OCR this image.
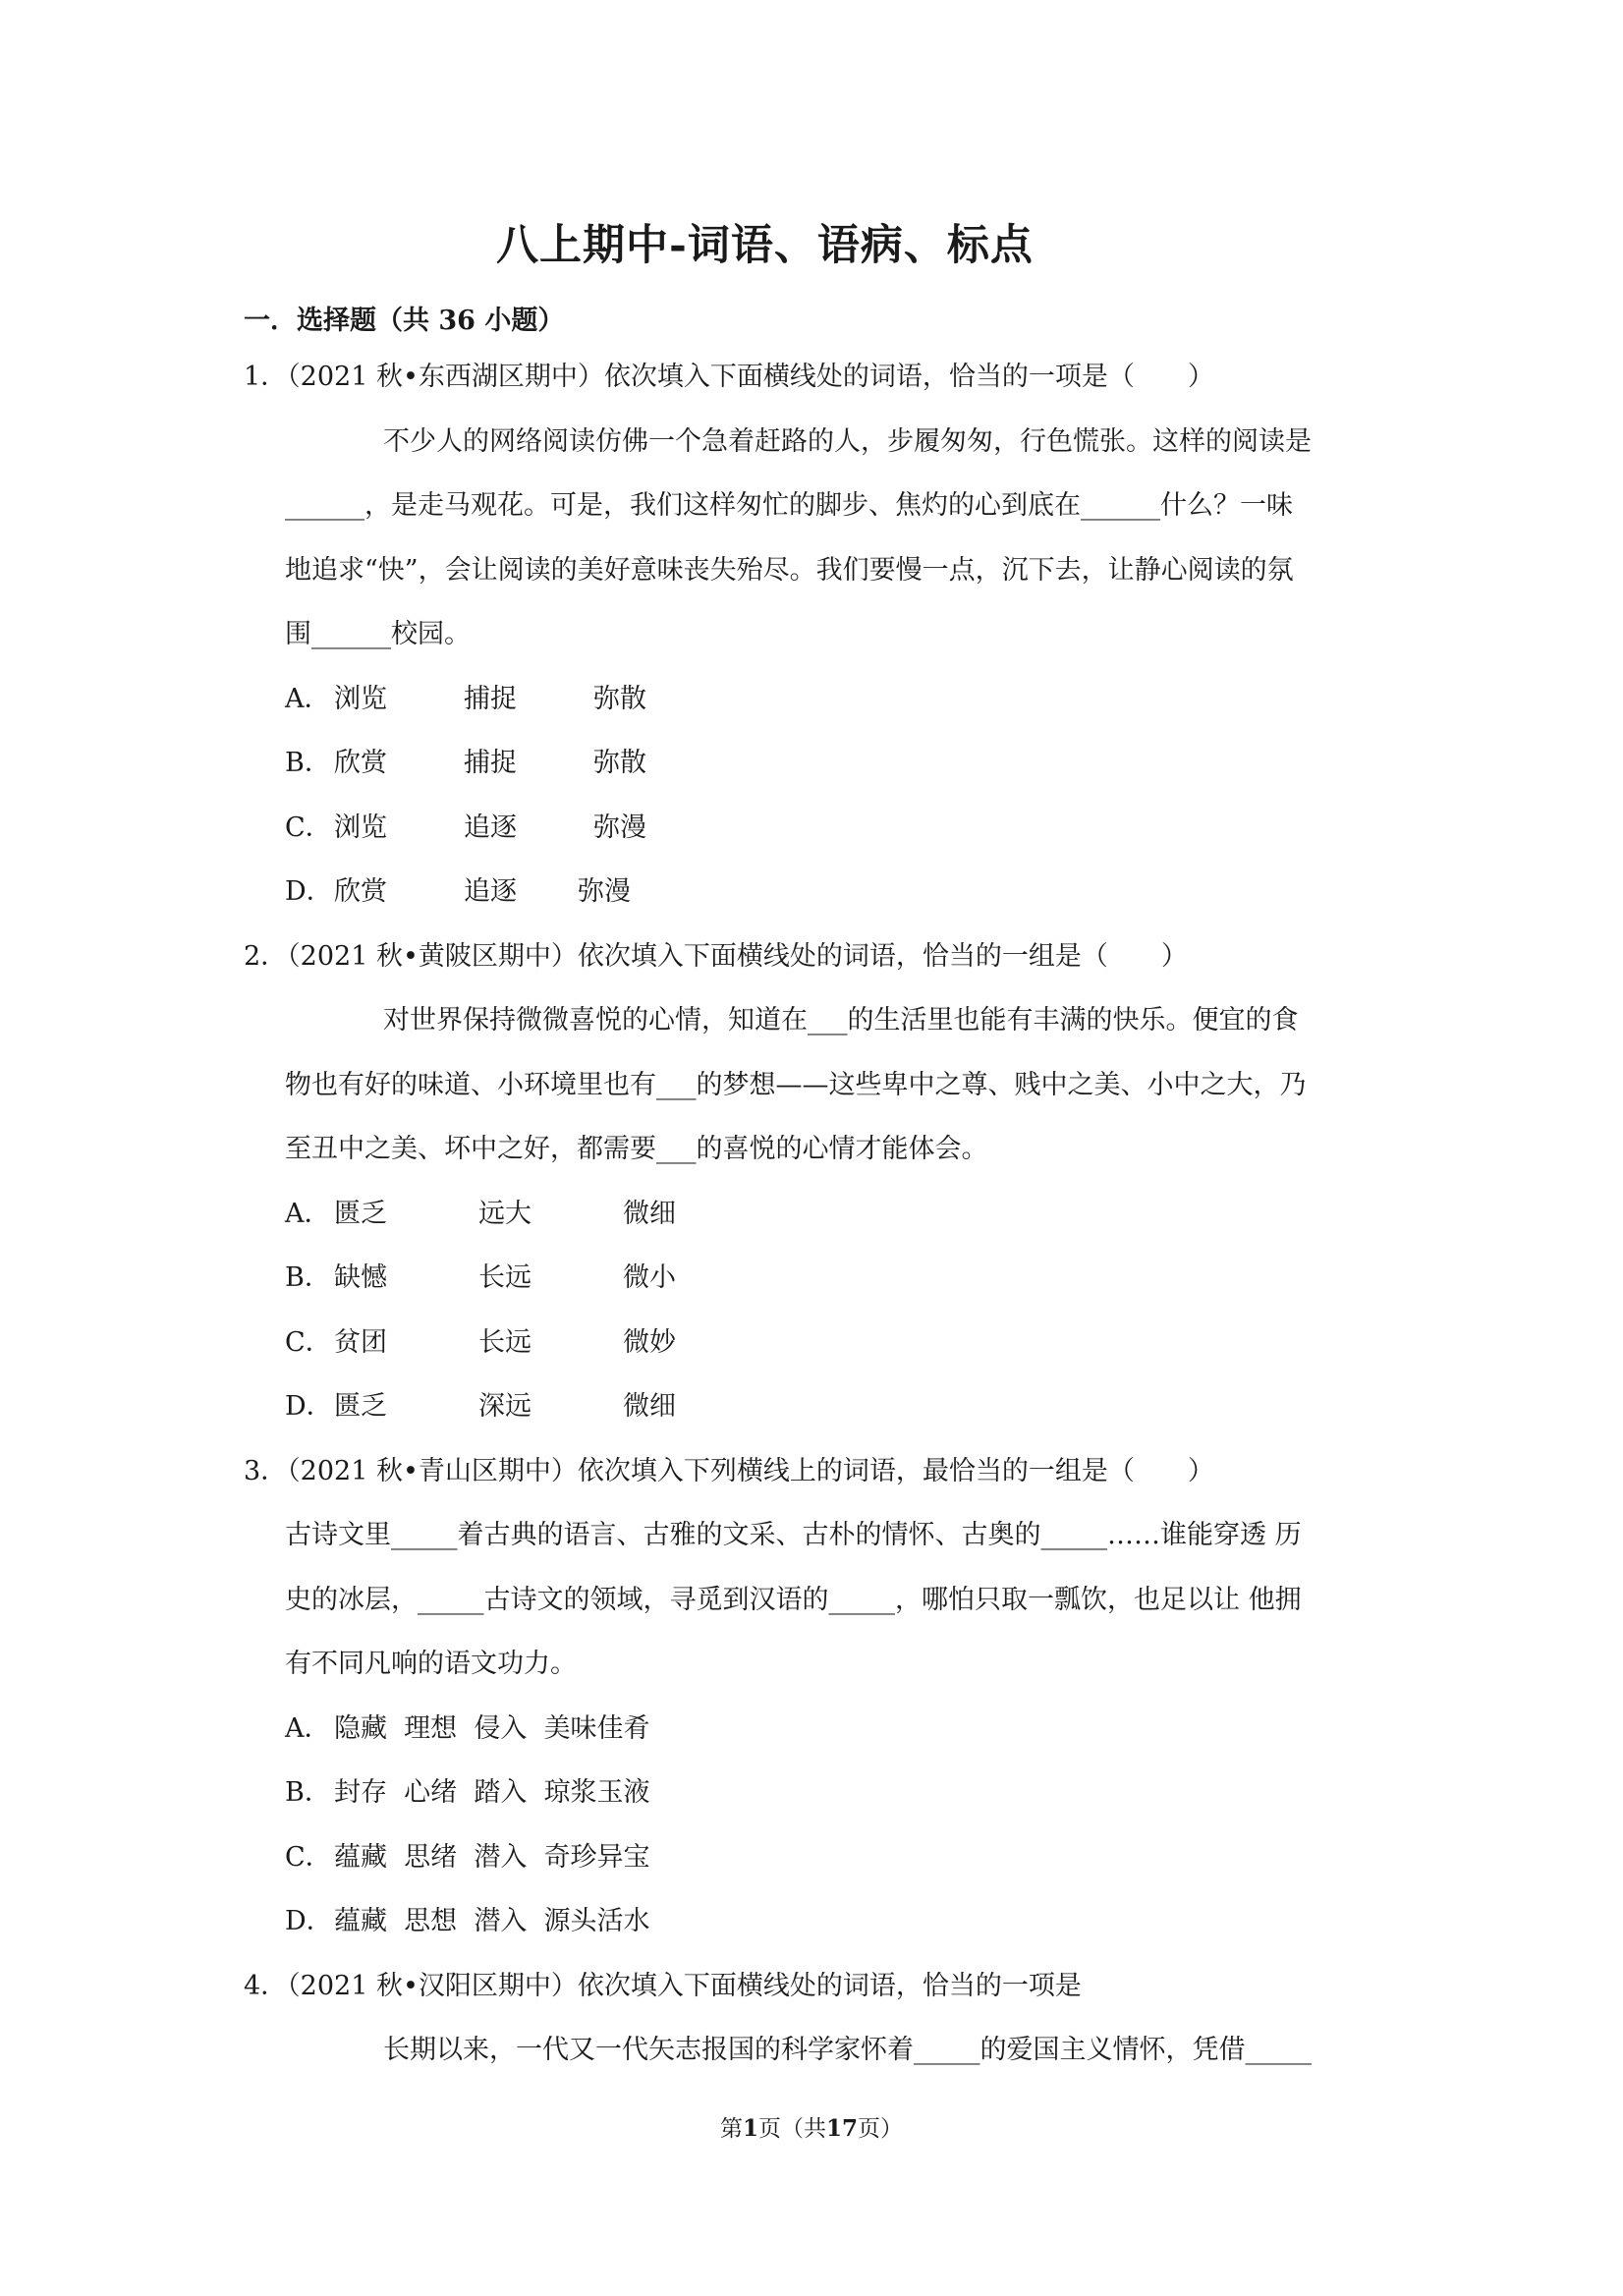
八上期中-词语、语病、标点
一．选择题（共 36 小题）
1．（2021 秋•东西湖区期中）依次填入下面横线处的词语，恰当的一项是（　　）
不少人的网络阅读仿佛一个急着赶路的人，步履匆匆，行色慌张。这样的阅读是
______，是走马观花。可是，我们这样匆忙的脚步、焦灼的心到底在______什么？一味
地追求“快”，会让阅读的美好意味丧失殆尽。我们要慢一点，沉下去，让静心阅读的氛
围______校园。
A． 浏览	捕捉	弥散
B． 欣赏	捕捉	弥散
C．浏览	追逐	弥漫
D．欣赏	追逐 弥漫
2．（2021 秋•黄陂区期中）依次填入下面横线处的词语，恰当的一组是（　　）
对世界保持微微喜悦的心情，知道在___的生活里也能有丰满的快乐。便宜的食
物也有好的味道、小环境里也有___的梦想——这些卑中之尊、贱中之美、小中之大，乃
至丑中之美、坏中之好，都需要___的喜悦的心情才能体会。
A． 匮乏	远大	微细
B． 缺憾	长远	微小
C．贫团	长远	微妙
D．匮乏	深远	微细
3．（2021 秋•青山区期中）依次填入下列横线上的词语，最恰当的一组是（　　）
古诗文里_____着古典的语言、古雅的文采、古朴的情怀、古奥的_____……谁能穿透 历
史的冰层，_____古诗文的领域，寻觅到汉语的_____，哪怕只取一瓢饮，也足以让 他拥
有不同凡响的语文功力。
A． 隐藏  理想  侵入  美味佳肴
B． 封存  心绪  踏入  琼浆玉液
C．蕴藏  思绪  潜入  奇珍异宝
D．蕴藏  思想  潜入  源头活水
4．（2021 秋•汉阳区期中）依次填入下面横线处的词语，恰当的一项是
长期以来，一代又一代矢志报国的科学家怀着_____的爱国主义情怀，凭借_____
第1页（共17页）
